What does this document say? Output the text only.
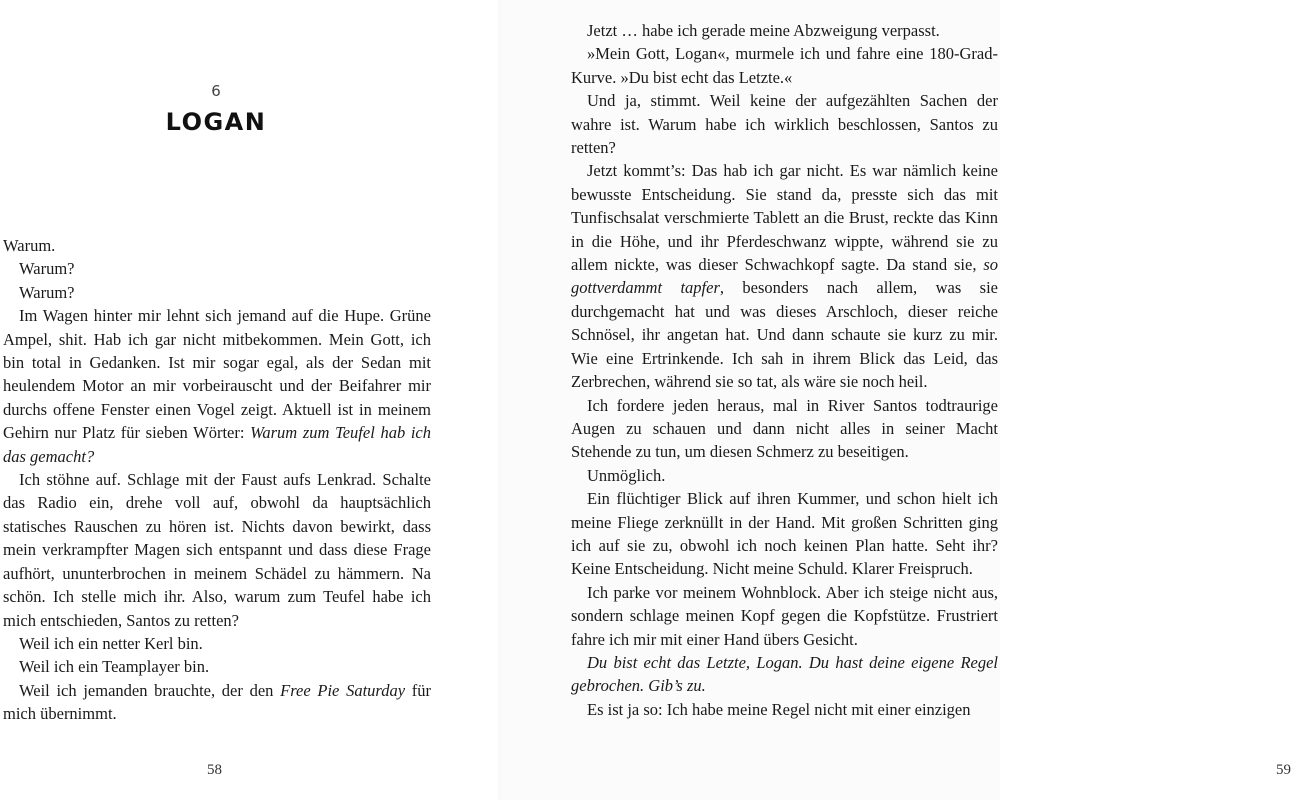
6
LOGAN

Warum.

Warum?

Warum?

Im Wagen hinter mir lehnt sich jemand auf die Hupe. Grüne Ampel, shit. Hab ich gar nicht mitbekommen. Mein Gott, ich bin total in Gedanken. Ist mir sogar egal, als der Sedan mit heulendem Motor an mir vorbeirauscht und der Beifahrer mir durchs offene Fenster einen Vogel zeigt. Aktuell ist in meinem Gehirn nur Platz für sieben Wörter: Warum zum Teufel hab ich das gemacht?

Ich stöhne auf. Schlage mit der Faust aufs Lenkrad. Schalte das Radio ein, drehe voll auf, obwohl da hauptsächlich statisches Rauschen zu hören ist. Nichts davon bewirkt, dass mein verkrampfter Magen sich entspannt und dass diese Frage aufhört, ununterbrochen in meinem Schädel zu hämmern. Na schön. Ich stelle mich ihr. Also, warum zum Teufel habe ich mich entschieden, Santos zu retten?

Weil ich ein netter Kerl bin.

Weil ich ein Teamplayer bin.

Weil ich jemanden brauchte, der den Free Pie Saturday für mich übernimmt.

58	59

Jetzt … habe ich gerade meine Abzweigung verpasst.

»Mein Gott, Logan«, murmele ich und fahre eine 180-Grad-Kurve. »Du bist echt das Letzte.«

Und ja, stimmt. Weil keine der aufgezählten Sachen der wahre ist. Warum habe ich wirklich beschlossen, Santos zu retten?

Jetzt kommt’s: Das hab ich gar nicht. Es war nämlich keine bewusste Entscheidung. Sie stand da, presste sich das mit Tunfischsalat verschmierte Tablett an die Brust, reckte das Kinn in die Höhe, und ihr Pferdeschwanz wippte, während sie zu allem nickte, was dieser Schwachkopf sagte. Da stand sie, so gottverdammt tapfer, besonders nach allem, was sie durchgemacht hat und was dieses Arschloch, dieser reiche Schnösel, ihr angetan hat. Und dann schaute sie kurz zu mir. Wie eine Ertrinkende. Ich sah in ihrem Blick das Leid, das Zerbrechen, während sie so tat, als wäre sie noch heil.

Ich fordere jeden heraus, mal in River Santos todtraurige Augen zu schauen und dann nicht alles in seiner Macht Stehende zu tun, um diesen Schmerz zu beseitigen.

Unmöglich.

Ein flüchtiger Blick auf ihren Kummer, und schon hielt ich meine Fliege zerknüllt in der Hand. Mit großen Schritten ging ich auf sie zu, obwohl ich noch keinen Plan hatte. Seht ihr? Keine Entscheidung. Nicht meine Schuld. Klarer Freispruch.

Ich parke vor meinem Wohnblock. Aber ich steige nicht aus, sondern schlage meinen Kopf gegen die Kopfstütze. Frustriert fahre ich mir mit einer Hand übers Gesicht.

Du bist echt das Letzte, Logan. Du hast deine eigene Regel gebrochen. Gib’s zu.

Es ist ja so: Ich habe meine Regel nicht mit einer einzigen
